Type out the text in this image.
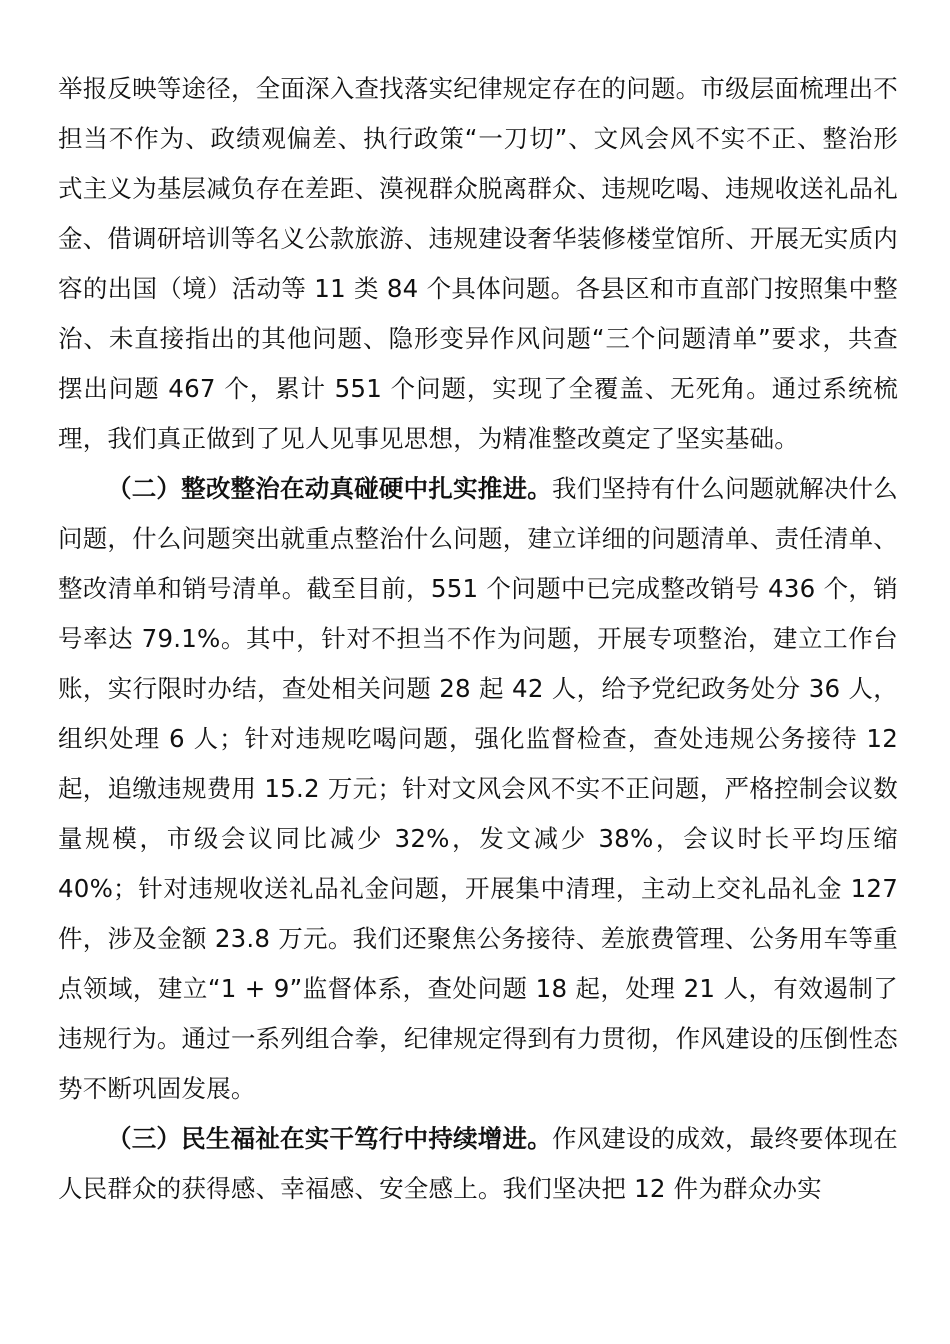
举报反映等途径，全面深入查找落实纪律规定存在的问题。市级层面梳理出不担当不作为、政绩观偏差、执行政策“一刀切”、文风会风不实不正、整治形式主义为基层减负存在差距、漠视群众脱离群众、违规吃喝、违规收送礼品礼金、借调研培训等名义公款旅游、违规建设奢华装修楼堂馆所、开展无实质内容的出国（境）活动等 11 类 84 个具体问题。各县区和市直部门按照集中整治、未直接指出的其他问题、隐形变异作风问题“三个问题清单”要求，共查摆出问题 467 个，累计 551 个问题，实现了全覆盖、无死角。通过系统梳理，我们真正做到了见人见事见思想，为精准整改奠定了坚实基础。

（二）整改整治在动真碰硬中扎实推进。我们坚持有什么问题就解决什么问题，什么问题突出就重点整治什么问题，建立详细的问题清单、责任清单、整改清单和销号清单。截至目前，551 个问题中已完成整改销号 436 个，销号率达 79.1%。其中，针对不担当不作为问题，开展专项整治，建立工作台账，实行限时办结，查处相关问题 28 起 42 人，给予党纪政务处分 36 人，组织处理 6 人；针对违规吃喝问题，强化监督检查，查处违规公务接待 12 起，追缴违规费用 15.2 万元；针对文风会风不实不正问题，严格控制会议数量规模，市级会议同比减少 32%，发文减少 38%，会议时长平均压缩 40%；针对违规收送礼品礼金问题，开展集中清理，主动上交礼品礼金 127 件，涉及金额 23.8 万元。我们还聚焦公务接待、差旅费管理、公务用车等重点领域，建立“1 + 9”监督体系，查处问题 18 起，处理 21 人，有效遏制了违规行为。通过一系列组合拳，纪律规定得到有力贯彻，作风建设的压倒性态势不断巩固发展。

（三）民生福祉在实干笃行中持续增进。作风建设的成效，最终要体现在人民群众的获得感、幸福感、安全感上。我们坚决把 12 件为群众办实
